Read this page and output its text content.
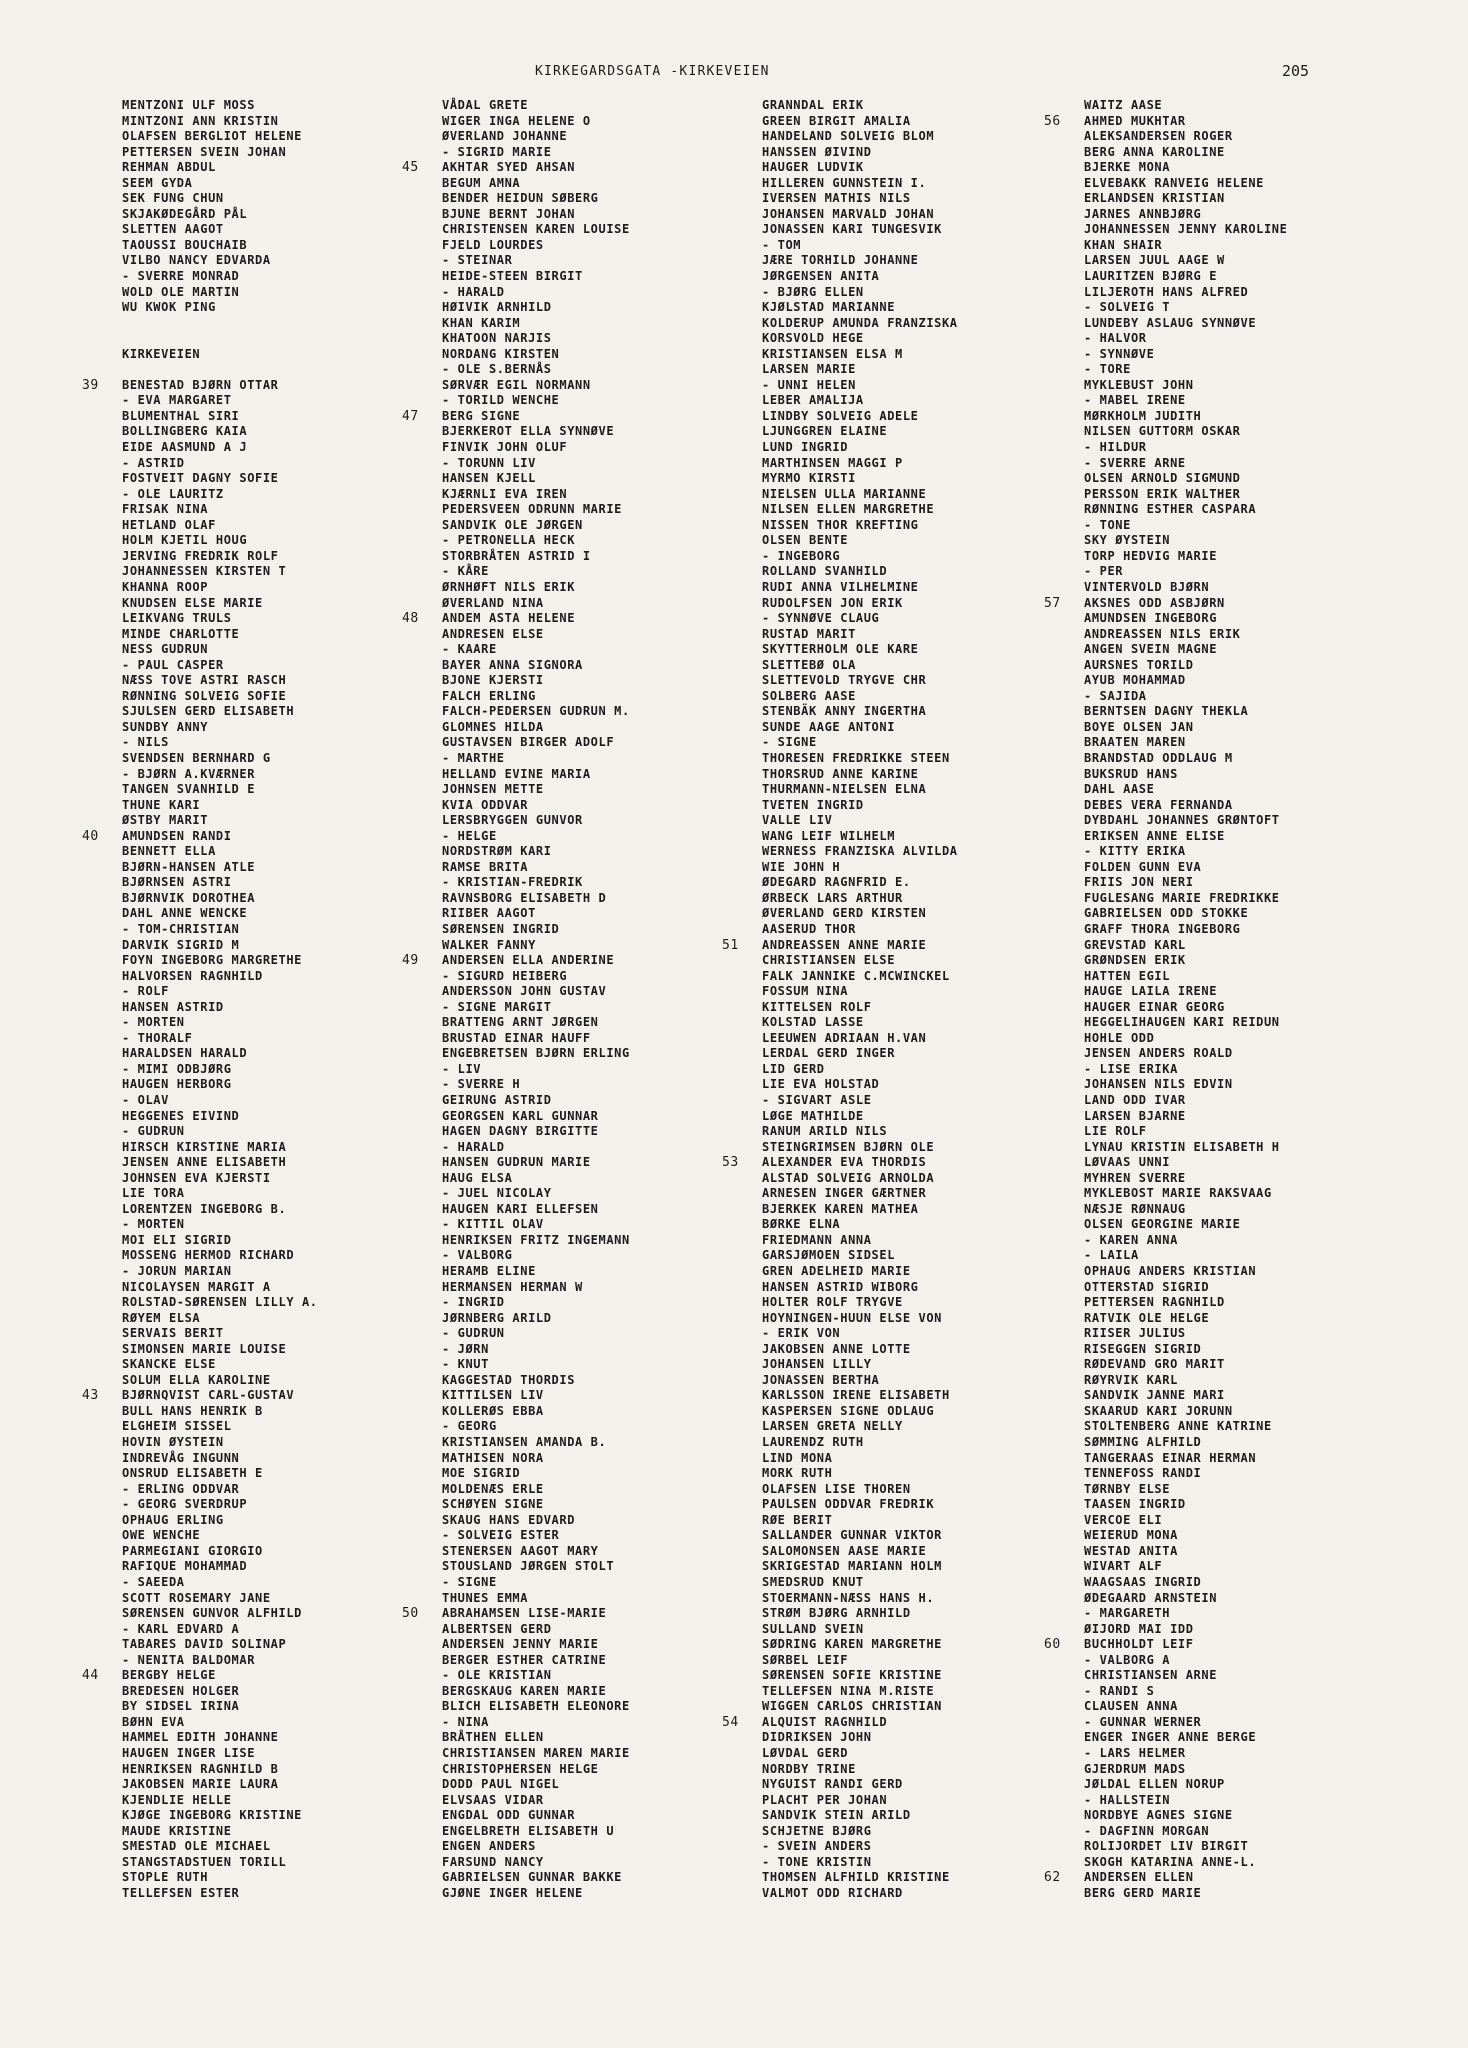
KIRKEGARDSGATA -KIRKEVEIEN	205
MENTZONI ULF MOSS
MINTZONI ANN KRISTIN
OLAFSEN BERGLIOT HELENE
PETTERSEN SVEIN JOHAN
REHMAN ABDUL
SEEM GYDA
SEK FUNG CHUN
SKJAKØDEGÅRD PÅL
SLETTEN AAGOT
TAOUSSI BOUCHAIB
VILBO NANCY EDVARDA
- SVERRE MONRAD
WOLD OLE MARTIN
WU KWOK PING
KIRKEVEIEN
39 BENESTAD BJØRN OTTAR
- EVA MARGARET
BLUMENTHAL SIRI
BOLLINGBERG KAIA
EIDE AASMUND A J
- ASTRID
FOSTVEIT DAGNY SOFIE
- OLE LAURITZ
FRISAK NINA
HETLAND OLAF
HOLM KJETIL HOUG
JERVING FREDRIK ROLF
JOHANNESSEN KIRSTEN T
KHANNA ROOP
KNUDSEN ELSE MARIE
LEIKVANG TRULS
MINDE CHARLOTTE
NESS GUDRUN
- PAUL CASPER
NÆSS TOVE ASTRI RASCH
RØNNING SOLVEIG SOFIE
SJULSEN GERD ELISABETH
SUNDBY ANNY
- NILS
SVENDSEN BERNHARD G
- BJØRN A.KVÆRNER
TANGEN SVANHILD E
THUNE KARI
ØSTBY MARIT
40 AMUNDSEN RANDI
BENNETT ELLA
BJØRN-HANSEN ATLE
BJØRNSEN ASTRI
BJØRNVIK DOROTHEA
DAHL ANNE WENCKE
- TOM-CHRISTIAN
DARVIK SIGRID M
FOYN INGEBORG MARGRETHE
HALVORSEN RAGNHILD
- ROLF
HANSEN ASTRID
- MORTEN
- THORALF
HARALDSEN HARALD
- MIMI ODBJØRG
HAUGEN HERBORG
- OLAV
HEGGENES EIVIND
- GUDRUN
HIRSCH KIRSTINE MARIA
JENSEN ANNE ELISABETH
JOHNSEN EVA KJERSTI
LIE TORA
LORENTZEN INGEBORG B.
- MORTEN
MOI ELI SIGRID
MOSSENG HERMOD RICHARD
- JORUN MARIAN
NICOLAYSEN MARGIT A
ROLSTAD-SØRENSEN LILLY A.
RØYEM ELSA
SERVAIS BERIT
SIMONSEN MARIE LOUISE
SKANCKE ELSE
SOLUM ELLA KAROLINE
43 BJØRNQVIST CARL-GUSTAV
BULL HANS HENRIK B
ELGHEIM SISSEL
HOVIN ØYSTEIN
INDREVÅG INGUNN
ONSRUD ELISABETH E
- ERLING ODDVAR
- GEORG SVERDRUP
OPHAUG ERLING
OWE WENCHE
PARMEGIANI GIORGIO
RAFIQUE MOHAMMAD
- SAEEDA
SCOTT ROSEMARY JANE
SØRENSEN GUNVOR ALFHILD
- KARL EDVARD A
TABARES DAVID SOLINAP
- NENITA BALDOMAR
44 BERGBY HELGE
BREDESEN HOLGER
BY SIDSEL IRINA
BØHN EVA
HAMMEL EDITH JOHANNE
HAUGEN INGER LISE
HENRIKSEN RAGNHILD B
JAKOBSEN MARIE LAURA
KJENDLIE HELLE
KJØGE INGEBORG KRISTINE
MAUDE KRISTINE
SMESTAD OLE MICHAEL
STANGSTADSTUEN TORILL
STOPLE RUTH
TELLEFSEN ESTER
VÅDAL GRETE
WIGER INGA HELENE O
ØVERLAND JOHANNE
- SIGRID MARIE
45 AKHTAR SYED AHSAN
BEGUM AMNA
BENDER HEIDUN SØBERG
BJUNE BERNT JOHAN
CHRISTENSEN KAREN LOUISE
FJELD LOURDES
- STEINAR
HEIDE-STEEN BIRGIT
- HARALD
HØIVIK ARNHILD
KHAN KARIM
KHATOON NARJIS
NORDANG KIRSTEN
- OLE S.BERNÅS
SØRVÆR EGIL NORMANN
- TORILD WENCHE
47 BERG SIGNE
BJERKEROT ELLA SYNNØVE
FINVIK JOHN OLUF
- TORUNN LIV
HANSEN KJELL
KJÆRNLI EVA IREN
PEDERSVEEN ODRUNN MARIE
SANDVIK OLE JØRGEN
- PETRONELLA HECK
STORBRÅTEN ASTRID I
- KÅRE
ØRNHØFT NILS ERIK
ØVERLAND NINA
48 ANDEM ASTA HELENE
ANDRESEN ELSE
- KAARE
BAYER ANNA SIGNORA
BJONE KJERSTI
FALCH ERLING
FALCH-PEDERSEN GUDRUN M.
GLOMNES HILDA
GUSTAVSEN BIRGER ADOLF
- MARTHE
HELLAND EVINE MARIA
JOHNSEN METTE
KVIA ODDVAR
LERSBRYGGEN GUNVOR
- HELGE
NORDSTRØM KARI
RAMSE BRITA
- KRISTIAN-FREDRIK
RAVNSBORG ELISABETH D
RIIBER AAGOT
SØRENSEN INGRID
WALKER FANNY
49 ANDERSEN ELLA ANDERINE
- SIGURD HEIBERG
ANDERSSON JOHN GUSTAV
- SIGNE MARGIT
BRATTENG ARNT JØRGEN
BRUSTAD EINAR HAUFF
ENGEBRETSEN BJØRN ERLING
- LIV
- SVERRE H
GEIRUNG ASTRID
GEORGSEN KARL GUNNAR
HAGEN DAGNY BIRGITTE
- HARALD
HANSEN GUDRUN MARIE
HAUG ELSA
- JUEL NICOLAY
HAUGEN KARI ELLEFSEN
- KITTIL OLAV
HENRIKSEN FRITZ INGEMANN
- VALBORG
HERAMB ELINE
HERMANSEN HERMAN W
- INGRID
JØRNBERG ARILD
- GUDRUN
- JØRN
- KNUT
KAGGESTAD THORDIS
KITTILSEN LIV
KOLLERØS EBBA
- GEORG
KRISTIANSEN AMANDA B.
MATHISEN NORA
MOE SIGRID
MOLDENÆS ERLE
SCHØYEN SIGNE
SKAUG HANS EDVARD
- SOLVEIG ESTER
STENERSEN AAGOT MARY
STOUSLAND JØRGEN STOLT
- SIGNE
THUNES EMMA
50 ABRAHAMSEN LISE-MARIE
ALBERTSEN GERD
ANDERSEN JENNY MARIE
BERGER ESTHER CATRINE
- OLE KRISTIAN
BERGSKAUG KAREN MARIE
BLICH ELISABETH ELEONORE
- NINA
BRÅTHEN ELLEN
CHRISTIANSEN MAREN MARIE
CHRISTOPHERSEN HELGE
DODD PAUL NIGEL
ELVSAAS VIDAR
ENGDAL ODD GUNNAR
ENGELBRETH ELISABETH U
ENGEN ANDERS
FARSUND NANCY
GABRIELSEN GUNNAR BAKKE
GJØNE INGER HELENE
GRANNDAL ERIK
GREEN BIRGIT AMALIA
HANDELAND SOLVEIG BLOM
HANSSEN ØIVIND
HAUGER LUDVIK
HILLEREN GUNNSTEIN I.
IVERSEN MATHIS NILS
JOHANSEN MARVALD JOHAN
JONASSEN KARI TUNGESVIK
- TOM
JÆRE TORHILD JOHANNE
JØRGENSEN ANITA
- BJØRG ELLEN
KJØLSTAD MARIANNE
KOLDERUP AMUNDA FRANZISKA
KORSVOLD HEGE
KRISTIANSEN ELSA M
LARSEN MARIE
- UNNI HELEN
LEBER AMALIJA
LINDBY SOLVEIG ADELE
LJUNGGREN ELAINE
LUND INGRID
MARTHINSEN MAGGI P
MYRMO KIRSTI
NIELSEN ULLA MARIANNE
NILSEN ELLEN MARGRETHE
NISSEN THOR KREFTING
OLSEN BENTE
- INGEBORG
ROLLAND SVANHILD
RUDI ANNA VILHELMINE
RUDOLFSEN JON ERIK
- SYNNØVE CLAUG
RUSTAD MARIT
SKYTTERHOLM OLE KARE
SLETTEBØ OLA
SLETTEVOLD TRYGVE CHR
SOLBERG AASE
STENBÄK ANNY INGERTHA
SUNDE AAGE ANTONI
- SIGNE
THORESEN FREDRIKKE STEEN
THORSRUD ANNE KARINE
THURMANN-NIELSEN ELNA
TVETEN INGRID
VALLE LIV
WANG LEIF WILHELM
WERNESS FRANZISKA ALVILDA
WIE JOHN H
ØDEGARD RAGNFRID E.
ØRBECK LARS ARTHUR
ØVERLAND GERD KIRSTEN
AASERUD THOR
51 ANDREASSEN ANNE MARIE
CHRISTIANSEN ELSE
FALK JANNIKE C.MCWINCKEL
FOSSUM NINA
KITTELSEN ROLF
KOLSTAD LASSE
LEEUWEN ADRIAAN H.VAN
LERDAL GERD INGER
LID GERD
LIE EVA HOLSTAD
- SIGVART ASLE
LØGE MATHILDE
RANUM ARILD NILS
STEINGRIMSEN BJØRN OLE
53 ALEXANDER EVA THORDIS
ALSTAD SOLVEIG ARNOLDA
ARNESEN INGER GÆRTNER
BJERKEK KAREN MATHEA
BØRKE ELNA
FRIEDMANN ANNA
GARSJØMOEN SIDSEL
GREN ADELHEID MARIE
HANSEN ASTRID WIBORG
HOLTER ROLF TRYGVE
HOYNINGEN-HUUN ELSE VON
- ERIK VON
JAKOBSEN ANNE LOTTE
JOHANSEN LILLY
JONASSEN BERTHA
KARLSSON IRENE ELISABETH
KASPERSEN SIGNE ODLAUG
LARSEN GRETA NELLY
LAURENDZ RUTH
LIND MONA
MORK RUTH
OLAFSEN LISE THOREN
PAULSEN ODDVAR FREDRIK
RØE BERIT
SALLANDER GUNNAR VIKTOR
SALOMONSEN AASE MARIE
SKRIGESTAD MARIANN HOLM
SMEDSRUD KNUT
STOERMANN-NÆSS HANS H.
STRØM BJØRG ARNHILD
SULLAND SVEIN
SØDRING KAREN MARGRETHE
SØRBEL LEIF
SØRENSEN SOFIE KRISTINE
TELLEFSEN NINA M.RISTE
WIGGEN CARLOS CHRISTIAN
54 ALQUIST RAGNHILD
DIDRIKSEN JOHN
LØVDAL GERD
NORDBY TRINE
NYGUIST RANDI GERD
PLACHT PER JOHAN
SANDVIK STEIN ARILD
SCHJETNE BJØRG
- SVEIN ANDERS
- TONE KRISTIN
THOMSEN ALFHILD KRISTINE
VALMOT ODD RICHARD
WAITZ AASE
56 AHMED MUKHTAR
ALEKSANDERSEN ROGER
BERG ANNA KAROLINE
BJERKE MONA
ELVEBAKK RANVEIG HELENE
ERLANDSEN KRISTIAN
JARNES ANNBJØRG
JOHANNESSEN JENNY KAROLINE
KHAN SHAIR
LARSEN JUUL AAGE W
LAURITZEN BJØRG E
LILJEROTH HANS ALFRED
- SOLVEIG T
LUNDEBY ASLAUG SYNNØVE
- HALVOR
- SYNNØVE
- TORE
MYKLEBUST JOHN
- MABEL IRENE
MØRKHOLM JUDITH
NILSEN GUTTORM OSKAR
- HILDUR
- SVERRE ARNE
OLSEN ARNOLD SIGMUND
PERSSON ERIK WALTHER
RØNNING ESTHER CASPARA
- TONE
SKY ØYSTEIN
TORP HEDVIG MARIE
- PER
VINTERVOLD BJØRN
57 AKSNES ODD ASBJØRN
AMUNDSEN INGEBORG
ANDREASSEN NILS ERIK
ANGEN SVEIN MAGNE
AURSNES TORILD
AYUB MOHAMMAD
- SAJIDA
BERNTSEN DAGNY THEKLA
BOYE OLSEN JAN
BRAATEN MAREN
BRANDSTAD ODDLAUG M
BUKSRUD HANS
DAHL AASE
DEBES VERA FERNANDA
DYBDAHL JOHANNES GRØNTOFT
ERIKSEN ANNE ELISE
- KITTY ERIKA
FOLDEN GUNN EVA
FRIIS JON NERI
FUGLESANG MARIE FREDRIKKE
GABRIELSEN ODD STOKKE
GRAFF THORA INGEBORG
GREVSTAD KARL
GRØNDSEN ERIK
HATTEN EGIL
HAUGE LAILA IRENE
HAUGER EINAR GEORG
HEGGELIHAUGEN KARI REIDUN
HOHLE ODD
JENSEN ANDERS ROALD
- LISE ERIKA
JOHANSEN NILS EDVIN
LAND ODD IVAR
LARSEN BJARNE
LIE ROLF
LYNAU KRISTIN ELISABETH H
LØVAAS UNNI
MYHREN SVERRE
MYKLEBOST MARIE RAKSVAAG
NÆSJE RØNNAUG
OLSEN GEORGINE MARIE
- KAREN ANNA
- LAILA
OPHAUG ANDERS KRISTIAN
OTTERSTAD SIGRID
PETTERSEN RAGNHILD
RATVIK OLE HELGE
RIISER JULIUS
RISEGGEN SIGRID
RØDEVAND GRO MARIT
RØYRVIK KARL
SANDVIK JANNE MARI
SKAARUD KARI JORUNN
STOLTENBERG ANNE KATRINE
SØMMING ALFHILD
TANGERAAS EINAR HERMAN
TENNEFOSS RANDI
TØRNBY ELSE
TAASEN INGRID
VERCOE ELI
WEIERUD MONA
WESTAD ANITA
WIVART ALF
WAAGSAAS INGRID
ØDEGAARD ARNSTEIN
- MARGARETH
ØIJORD MAI IDD
60 BUCHHOLDT LEIF
- VALBORG A
CHRISTIANSEN ARNE
- RANDI S
CLAUSEN ANNA
- GUNNAR WERNER
ENGER INGER ANNE BERGE
- LARS HELMER
GJERDRUM MADS
JØLDAL ELLEN NORUP
- HALLSTEIN
NORDBYE AGNES SIGNE
- DAGFINN MORGAN
ROLIJORDET LIV BIRGIT
SKOGH KATARINA ANNE-L.
62 ANDERSEN ELLEN
BERG GERD MARIE
